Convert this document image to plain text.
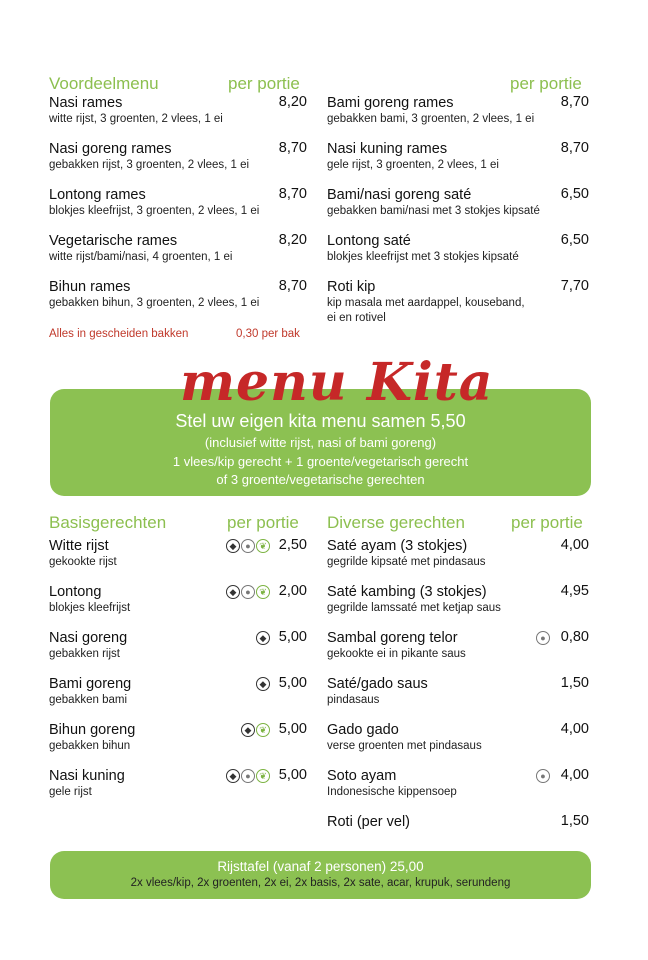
Voordeelmenu	per portie	per portie
Nasi rames	8,20
witte rijst, 3 groenten, 2 vlees, 1 ei
Nasi goreng rames	8,70
gebakken rijst, 3 groenten, 2 vlees, 1 ei
Lontong rames	8,70
blokjes kleefrijst, 3 groenten, 2 vlees, 1 ei
Vegetarische rames	8,20
witte rijst/bami/nasi, 4 groenten, 1 ei
Bihun rames	8,70
gebakken bihun, 3 groenten, 2 vlees, 1 ei
Bami goreng rames	8,70
gebakken bami, 3 groenten, 2 vlees, 1 ei
Nasi kuning rames	8,70
gele rijst, 3 groenten, 2 vlees, 1 ei
Bami/nasi goreng saté	6,50
gebakken bami/nasi met 3 stokjes kipsaté
Lontong saté	6,50
blokjes kleefrijst met 3 stokjes kipsaté
Roti kip	7,70
kip masala met aardappel, kouseband,
ei en rotivel
Alles in gescheiden bakken	0,30 per bak
menu Kita
Stel uw eigen kita menu samen 5,50
(inclusief witte rijst, nasi of bami goreng)
1 vlees/kip gerecht + 1 groente/vegetarisch gerecht
of 3 groente/vegetarische gerechten
Basisgerechten	per portie Diverse gerechten	per portie
Witte rijst	2,50
gekookte rijst
◆ ● ❦
Lontong	2,00
blokjes kleefrijst
◆ ● ❦
Nasi goreng	5,00
gebakken rijst
◆
Bami goreng	5,00
gebakken bami
◆
Bihun goreng	5,00
gebakken bihun
◆ ❦
Nasi kuning	5,00
gele rijst
◆ ● ❦
Saté ayam (3 stokjes)	4,00
gegrilde kipsaté met pindasaus
Saté kambing (3 stokjes)	4,95
gegrilde lamssaté met ketjap saus
Sambal goreng telor	0,80
gekookte ei in pikante saus
●
Saté/gado saus	1,50
pindasaus
Gado gado	4,00
verse groenten met pindasaus
Soto ayam	4,00
Indonesische kippensoep
●
Roti (per vel)	1,50
Rijsttafel (vanaf 2 personen) 25,00
2x vlees/kip, 2x groenten, 2x ei, 2x basis, 2x sate, acar, krupuk, serundeng
